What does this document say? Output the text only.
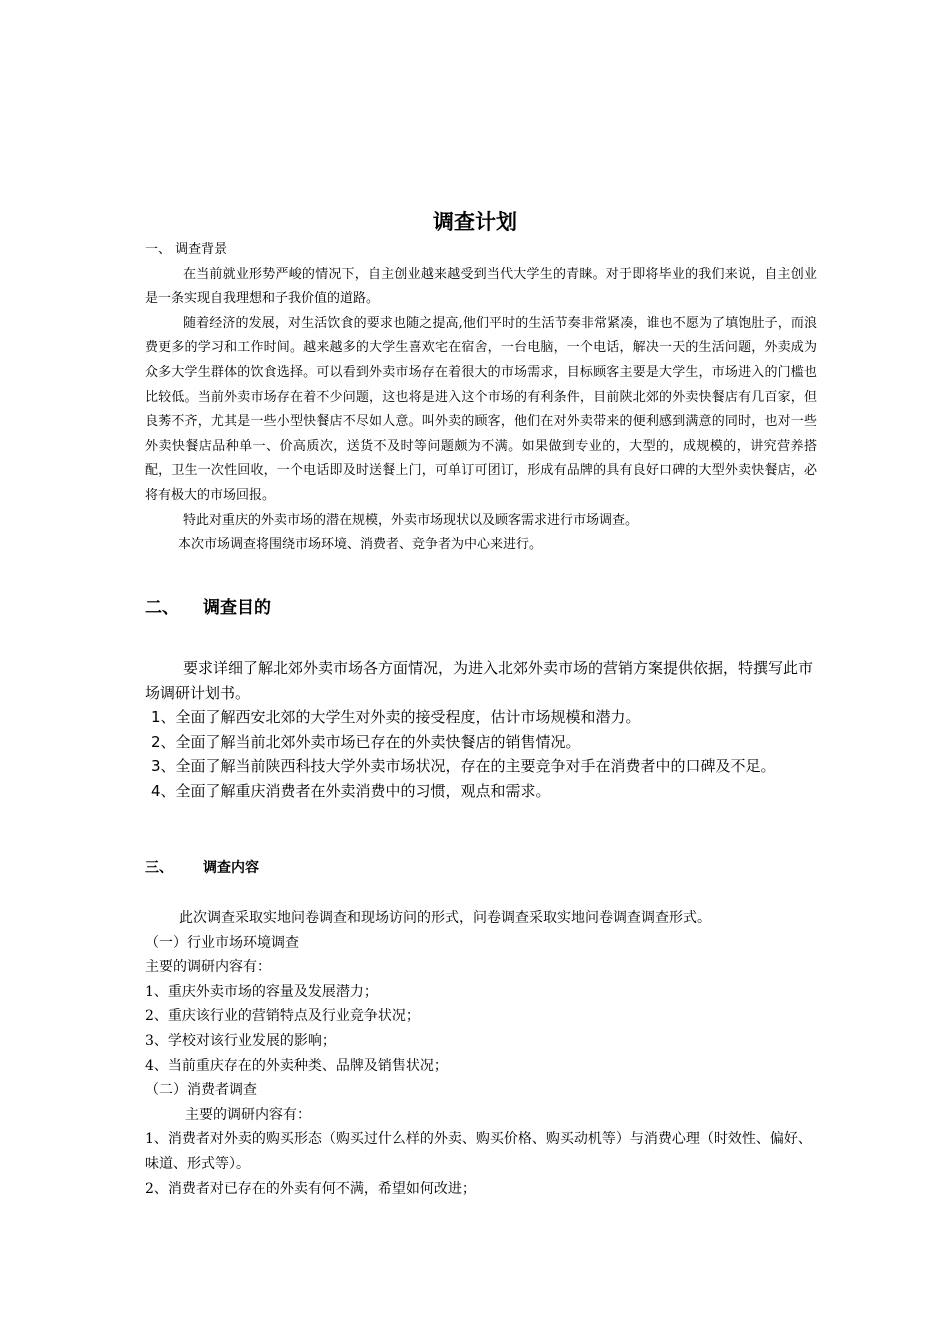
调查计划

一、 调查背景

在当前就业形势严峻的情况下，自主创业越来越受到当代大学生的青睐。对于即将毕业的我们来说，自主创业是一条实现自我理想和子我价值的道路。

随着经济的发展，对生活饮食的要求也随之提高,他们平时的生活节奏非常紧凑，谁也不愿为了填饱肚子，而浪费更多的学习和工作时间。越来越多的大学生喜欢宅在宿舍，一台电脑，一个电话，解决一天的生活问题，外卖成为众多大学生群体的饮食选择。可以看到外卖市场存在着很大的市场需求，目标顾客主要是大学生，市场进入的门槛也比较低。当前外卖市场存在着不少问题，这也将是进入这个市场的有利条件，目前陕北郊的外卖快餐店有几百家，但良莠不齐，尤其是一些小型快餐店不尽如人意。叫外卖的顾客，他们在对外卖带来的便利感到满意的同时，也对一些外卖快餐店品种单一、价高质次，送货不及时等问题颇为不满。如果做到专业的，大型的，成规模的，讲究营养搭配，卫生一次性回收，一个电话即及时送餐上门，可单订可团订，形成有品牌的具有良好口碑的大型外卖快餐店，必将有极大的市场回报。

特此对重庆的外卖市场的潜在规模，外卖市场现状以及顾客需求进行市场调查。

本次市场调查将围绕市场环境、消费者、竞争者为中心来进行。

二、 调查目的

要求详细了解北郊外卖市场各方面情况，为进入北郊外卖市场的营销方案提供依据，特撰写此市场调研计划书。

1、全面了解西安北郊的大学生对外卖的接受程度，估计市场规模和潜力。

2、全面了解当前北郊外卖市场已存在的外卖快餐店的销售情况。

3、全面了解当前陕西科技大学外卖市场状况，存在的主要竞争对手在消费者中的口碑及不足。

4、全面了解重庆消费者在外卖消费中的习惯，观点和需求。

三、 调查内容

此次调查采取实地问卷调查和现场访问的形式，问卷调查采取实地问卷调查调查形式。

（一）行业市场环境调查

主要的调研内容有：

1、重庆外卖市场的容量及发展潜力；

2、重庆该行业的营销特点及行业竞争状况；

3、学校对该行业发展的影响；

4、当前重庆存在的外卖种类、品牌及销售状况；

（二）消费者调查

主要的调研内容有：

1、消费者对外卖的购买形态（购买过什么样的外卖、购买价格、购买动机等）与消费心理（时效性、偏好、 味道、形式等）。

2、消费者对已存在的外卖有何不满，希望如何改进；
